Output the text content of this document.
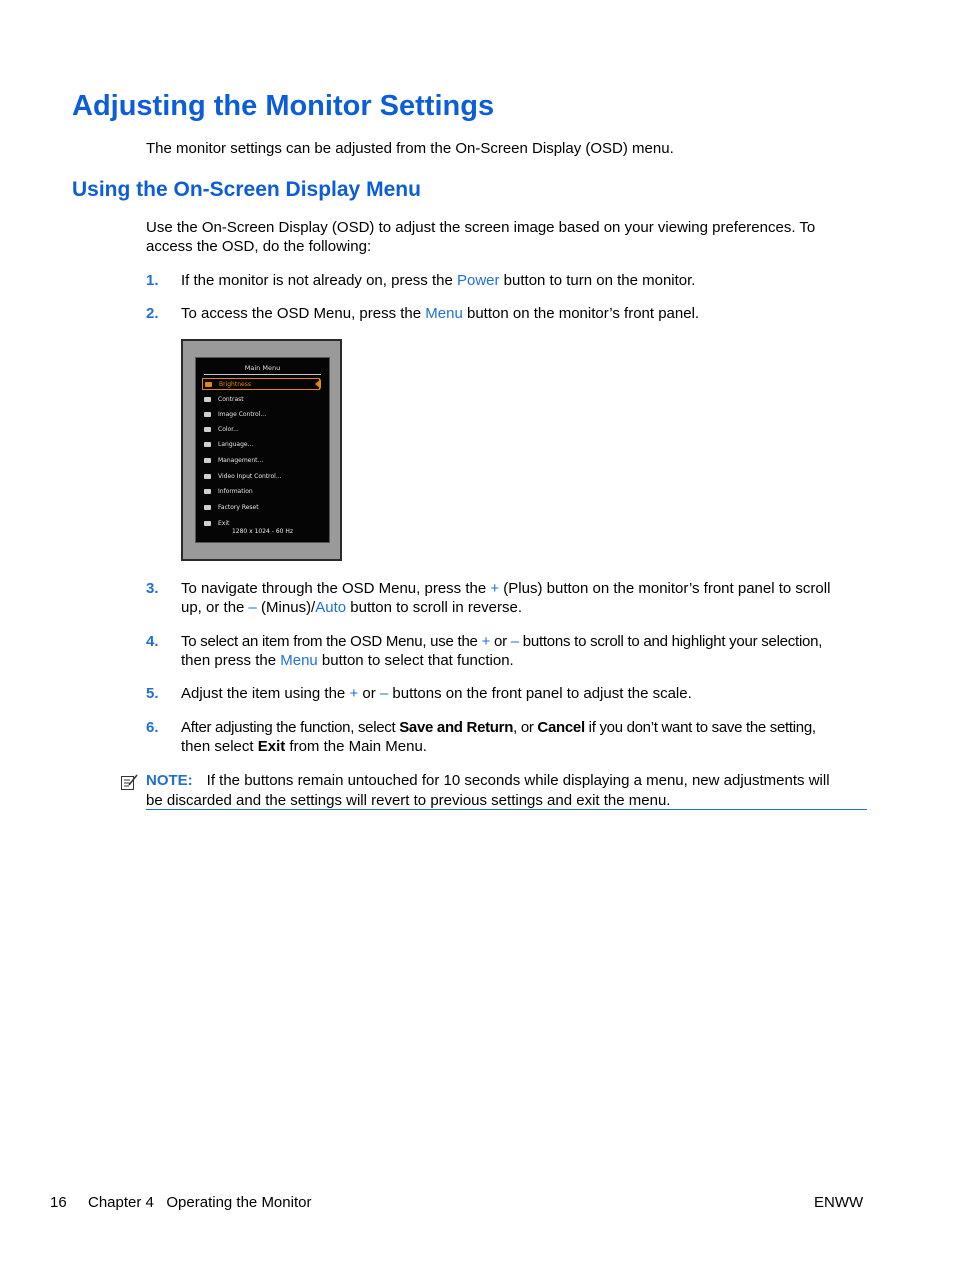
Adjusting the Monitor Settings
The monitor settings can be adjusted from the On-Screen Display (OSD) menu.
Using the On-Screen Display Menu
Use the On-Screen Display (OSD) to adjust the screen image based on your viewing preferences. To
access the OSD, do the following:
1. If the monitor is not already on, press the Power button to turn on the monitor.
2. To access the OSD Menu, press the Menu button on the monitor’s front panel.
Main Menu
Brightness
Contrast
Image Control...
Color...
Language...
Management...
Video Input Control...
Information
Factory Reset
Exit
1280 x 1024 - 60 Hz
3. To navigate through the OSD Menu, press the + (Plus) button on the monitor’s front panel to scroll
up, or the – (Minus)/Auto button to scroll in reverse.
4. To select an item from the OSD Menu, use the + or – buttons to scroll to and highlight your selection,
then press the Menu button to select that function.
5. Adjust the item using the + or – buttons on the front panel to adjust the scale.
6. After adjusting the function, select Save and Return, or Cancel if you don’t want to save the setting,
then select Exit from the Main Menu.
NOTE: If the buttons remain untouched for 10 seconds while displaying a menu, new adjustments will
be discarded and the settings will revert to previous settings and exit the menu.
16 Chapter 4   Operating the Monitor	ENWW
